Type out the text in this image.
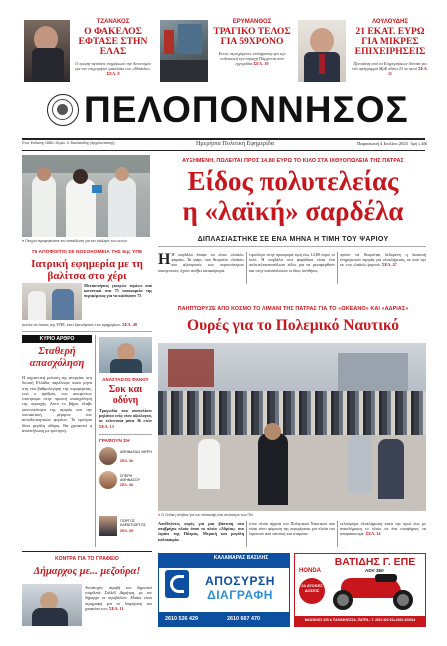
ΤΖΑΝΑΚΟΣ
Ο ΦΑΚΕΛΟΣ ΕΦΤΑΣΕ ΣΤΗΝ ΕΛΑΣ
Ο πρώην αγαπάτε ενημέρωσε την Αστυνομία για τον επιχειρήσει φακελάκι του «Μπάιλιο» ΣΕΛ. 9
ΕΡΥΜΑΝΘΟΣ
ΤΡΑΓΙΚΟ ΤΕΛΟΣ ΓΙΑ 59ΧΡΟΝΟ
Εντός περιεχόμενες επισήμανση για την ενδεικτική την παροχή Πάρχοντα από εγχειρίδια ΣΕΛ. 10
ΛΟΥΛΟΥΔΗΣ
21 ΕΚΑΤ. ΕΥΡΩ ΓΙΑ ΜΙΚΡΕΣ ΕΠΙΧΕΙΡΗΣΕΙΣ
Προσέκτη από τα Επιχειρήσεων δίνεται για νέο πρόγραμμα ΜμΕ άδεια 23 σε αυτό ΣΕΛ. 11
ΠΕΛΟΠΟΝΝΗΣΟΣ
Έτος Έκδοσης 1886 • Θεμελ. 5. Βασιλικάδης (Αρχισυντάκτης)	Ημερήσια Πολιτική Εφημερίδα	Παρασκευή 4 Ιουλίου 2025 Τιμή 1,30€
● Πτυχιοί προφητεύεται τον εκπαιδευτή για τον καλύψει των κενών
ΑΥΞΗΜΕΝΗ, ΠΩΛΕΙΤΑΙ ΠΡΟΣ 14,80 ΕΥΡΩ ΤΟ ΚΙΛΟ ΣΤΑ ΙΧΘΥΟΠΩΛΕΙΑ ΤΗΣ ΠΑΤΡΑΣ
Είδος πολυτελείας
η «λαϊκή» σαρδέλα
ΔΙΠΛΑΣΙΑΣΤΗΚΕ ΣΕ ΕΝΑ ΜΗΝΑ Η ΤΙΜΗ ΤΟΥ ΨΑΡΙΟΥ
Η Η σαρδέλα έπαψε να είναι «λαϊκό» ψαράκι. Τα ψάρι, που θεωρείτο «λαϊκό» και αξιοπρεπές των περισσότερων οικογενειών, έχουν ανέβει κατακόρυφα.
τιμολόγιο στην προσφορά τιμή έως 14,80 ευρώ το κιλό. Η σαρδέλα στα ψαράδικα είναι ένα πολυτελεκατανάλωτο είδος για να μεταφερθούν και στην καταναλωτών οι ίδιες συνθήκες.
πρόπο να θεωρείται δεδομένη η διακοπή ενημερωτών αγοράς για ολοκλήρωση, σε από την εκ. του «λαϊκό» ψαριού. ΣΕΛ. 47
75 ΑΠΟΦΟΙΤΟΙ ΣΕ ΝΟΣΟΚΟΜΕΙΑ ΤΗΣ 6ης ΥΠΕ
Ιατρική εφημερία με τη βαλίτσα στο χέρι
Μετακινήσεις γιατρών τομέων από κοινοτικά στα 75 νοσοκομεία της περιφέρειας για να καλύψουν 75
κενών σε όσους της ΥΠΕ, έτσι ξεκινήσουν τον εφημερίων. ΣΕΛ. 48
ΚΥΡΙΟ ΑΡΘΡΟ
Σταθερή απασχόληση
Η σημαντική μείωση της ανεργίας στη δυτική Ελλάδα παρέλειψε κατά μήνα στη νέα βαθμολόγηση της περιφέρειας, ενώ ο αριθμός των αποφοίτων επιστρέφει στην πρωινή απασχόληση της περιοχής. Αυτό το βήμα, έλαβε κανονικότητα της αγοράς και την ουσιαστική μέριμνα των αυτοδιοικητικών φορέων. Το εμπόριο δίνει μεγάλη ώθηση. Θα χρειαστεί η αναστήλωση με ερώτηση.
ΑΝΑΣΤΑΣΙΟΣ ΦΑΝΟΥ
Σοκ και οδύνη
Τραγωδία που ανατολίστε μηλάνια ενός νέου αξιόλογου, σε τελευταία μόνα 36 ετών ΣΕΛ. 13
ΓΡΑΦΟΥΝ ΣΗ
ΑΘΗΝΑΣΙΑΣ ΜΕΡΗ
ΣΕΛ. 36
ΣΠΕΡΗ ΑΘΗΝΑΣΟΥ
ΣΕΛ. 36
ΓΙΩΡΓΟΣ ΚΑΡΑΓΕΩΡΓΟΣ
ΣΕΛ. 39
ΠΑΗΠΤΩΡΥΖΕ ΑΠΟ ΚΟΣΜΟ ΤΟ ΛΙΜΑΝΙ ΤΗΣ ΠΑΤΡΑΣ ΓΙΑ ΤΟ «ΩΚΕΑΝΟ» ΚΑΙ «ΑΔΡΙΑΣ»
Ουρές για το Πολεμικό Ναυτικό
● Ο Ξεδίκη πλήθος για τον επισκέψη στα οπλιτισμό των ΠΝ
Απείθελυτες ουρές για μια βάπτιση στα υποβρύχιο πλοία όπου το πλοίο «Αδρίας» στο λιμάνι της Πάτρας. Μερική και μεγάλη καλοκαιρία.
στον πλοίο αρχεία του Πολεμικού Ναυτικού που είναι τόσο φάμωση της περιφέρειας για πλοία του λιμανιού από ναυτική και σταμάτα.
τελεσφόρα ολοκλήρωση κατά την πρωί έως με αναπλήρωση το πλοίο σε ένα υποψήφιος να σπαρασσουμε. ΣΕΛ. 14
ΚΟΝΤΡΑ ΓΙΑ ΤΟ ΓΡΑΦΕΙΟ
Δήμαρχος με... μεζούρα!
Αντιάτοχος ακριβή του δημοτικό επιμέλειά Συλλέξ Δημήτρη, με τον δήμαρχο σε περιβάλλον. Μπάικ είναι περιγραφή για το διαχείριση του γραφείου του; ΣΕΛ. 11
ΚΑΛΑΜΑΡΑΣ ΒΑΣΙΛΗΣ
ΑΠΟΣΥΡΣΗ
ΔΙΑΓΡΑΦΗ
2610 526 429	2610 667 470
ΒΑΤΙΔΗΣ Γ. ΕΠΕ
HONDA
24 ΑΤΟΚΕΣ ΔΟΣΕΙΣ
ADV 350
ΜΑΙΖΩΝΟΣ 229 & ΠΑΠΑΦΛΕΣΣΑ, ΠΑΤΡΑ • Τ. 2610 322 011-2610 322014
